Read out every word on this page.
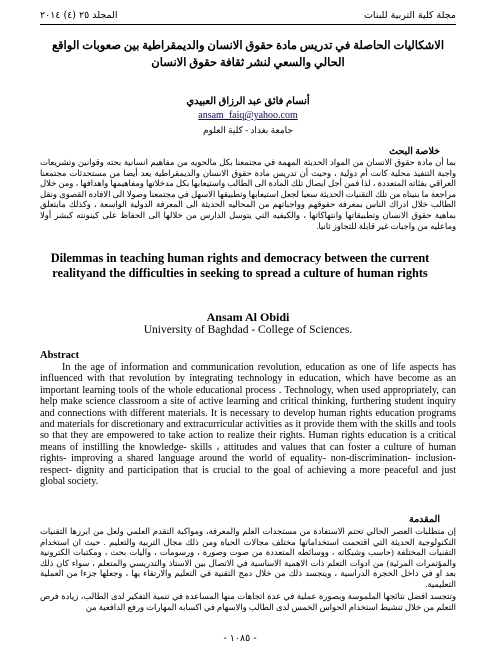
مجلة كلية التربية للبنات
المجلد ٢٥ (٤) ٢٠١٤
الاشكاليات الحاصلة في تدريس مادة حقوق الانسان والديمقراطية بين صعوبات الواقع الحالي والسعي لنشر ثقافة حقوق الانسان
أنسام فائق عبد الرزاق العبيدي
ansam_faiq@yahoo.com
جامعة بغداد - كلية العلوم
خلاصة البحث
بما أن مادة حقوق الانسان من المواد الحديثة المهمة في مجتمعنا بكل مالحويه من مفاهيم انسانية بحته وقوانين وتشريعات واجبة التنفيذ محلية كانت أم دولية ، وحيث أن تدريس مادة حقوق الانسان والديمقراطية يعد أيضا من مستحدثات مجتمعنا العراقي بفئاته المتعددة ، لذا فمن أجل ايصال تلك المادة الى الطالب واستيعابها بكل مدخلاتها ومفاهيمها واهدافها ، ومن خلال مراجعة ما بنيناه من تلك التقنيات الحديثة سعيا لجعل استيعابها وتطبيقها الاسهل في مجتمعنا وصولا الى الافادة القصوى ونقل الطالب خلال ادراك الناس بمعرفة حقوقهم وواجباتهم من المحاليه الحديثة الى المعرفة الدولية الواسعة ، وكذلك مابتعلق بماهية حقوق الانسان وتطبيقاتها وانتهاكاتها ، والكيفيه التي يتوسل الدارس من خلالها الى الحفاظ على كينونته كبشر أولا وماعليه من واجبات غير قابلة للتجاوز ثانيا.
Dilemmas in teaching human rights and democracy between the current realityand the difficulties in seeking to spread a culture of human rights
Ansam Al Obidi
University of Baghdad - College of Sciences.
Abstract
In the age of information and communication revolution, education as one of life aspects has influenced with that revolution by integrating technology in education, which have become as an important learning tools of the whole educational process . Technology, when used appropriately, can help make science classroom a site of active learning and critical thinking, furthering student inquiry and connections with different materials. It is necessary to develop human rights education programs and materials for discretionary and extracurricular activities as it provide them with the skills and tools so that they are empowered to take action to realize their rights. Human rights education is a critical means of instilling the knowledge- skills ، attitudes and values that can foster a culture of human rights- improving a shared language around the world of equality- non-discrimination- inclusion- respect- dignity and participation that is crucial to the goal of achieving a more peaceful and just global society.
المقدمة
إن متطلبات العصر الحالي تحتم الاستفادة من مستجدات العلم والمعرفة، ومواكبة التقدم العلمي ولعل من ابرزها التقنيات التكنولوجية الحديثة التي اقتحمت استخداماتها مختلف مجالات الحياة ومن ذلك مجال التربية والتعليم . حيث ان استخدام التقنيات المختلفة (حاسب وشبكاته ، ووسائطه المتعددة من صوت وصورة ، ورسومات ، واليات بحث ، ومكتبات الكترونية والمؤتمرات المرئية) من ادوات التعلم ذات الاهمية الاساسية في الاتصال بين الاستاذ والتدريسي والمتعلم ، سواء كان ذلك بعد او في داخل الحجرة الدراسية ، ويتجسد ذلك من خلال دمج التقنية في التعليم والارتقاء بها ، وجعلها جزءا من العملية التعليمية.
وتتجسد افضل نتائجها الملموسة وبصورة عملية في عدة اتجاهات منها المساعدة في تنمية التفكير لدى الطالب، زيادة فرص التعلم من خلال تنشيط استخدام الحواس الخمس لدى الطالب والاسهام في اكسابه المهارات ورفع الدافعية من
- ١٠٨٥ -
